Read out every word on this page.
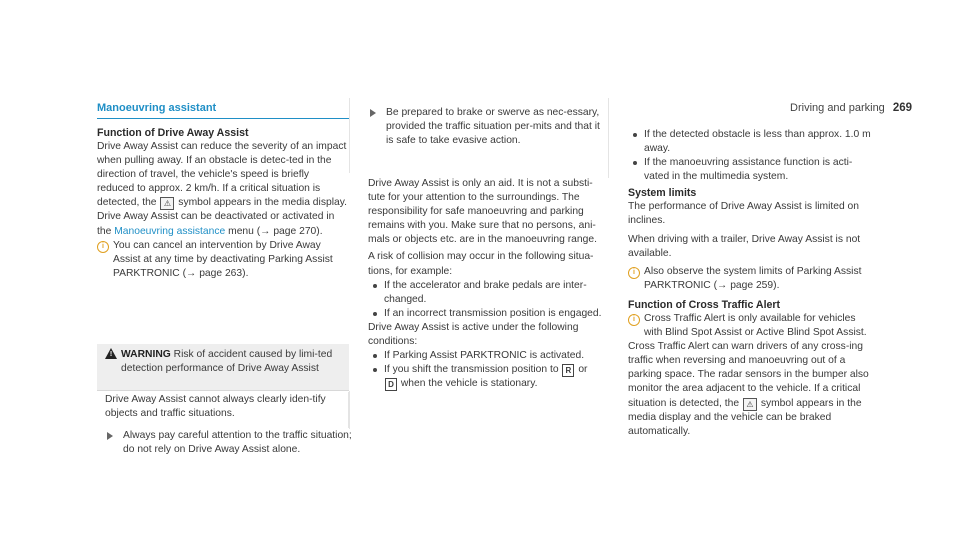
Driving and parking 269
Manoeuvring assistant
Function of Drive Away Assist

Drive Away Assist can reduce the severity of an impact when pulling away. If an obstacle is detec-ted in the direction of travel, the vehicle's speed is briefly reduced to approx. 2 km/h. If a critical situation is detected, the ⚠ symbol appears in the media display.

Drive Away Assist can be deactivated or activated in the Manoeuvring assistance menu (→ page 270).

i You can cancel an intervention by Drive Away Assist at any time by deactivating Parking Assist PARKTRONIC (→ page 263).
! WARNING Risk of accident caused by limi-ted detection performance of Drive Away Assist

Drive Away Assist cannot always clearly iden-tify objects and traffic situations.

Always pay careful attention to the traffic situation; do not rely on Drive Away Assist alone.
Be prepared to brake or swerve as nec-essary, provided the traffic situation per-mits and that it is safe to take evasive action.

Drive Away Assist is only an aid. It is not a substi-tute for your attention to the surroundings. The responsibility for safe manoeuvring and parking remains with you. Make sure that no persons, ani-mals or objects etc. are in the manoeuvring range.

A risk of collision may occur in the following situa-tions, for example:

If the accelerator and brake pedals are inter-changed.
If an incorrect transmission position is engaged.

Drive Away Assist is active under the following conditions:

If Parking Assist PARKTRONIC is activated.
If you shift the transmission position to R or
D when the vehicle is stationary.
If the detected obstacle is less than approx. 1.0 m away.
If the manoeuvring assistance function is acti-vated in the multimedia system.
System limits

The performance of Drive Away Assist is limited on inclines.

When driving with a trailer, Drive Away Assist is not available.

i Also observe the system limits of Parking Assist PARKTRONIC (→ page 259).
Function of Cross Traffic Alert
i Cross Traffic Alert is only available for vehicles with Blind Spot Assist or Active Blind Spot Assist.

Cross Traffic Alert can warn drivers of any cross-ing traffic when reversing and manoeuvring out of a parking space. The radar sensors in the bumper also monitor the area adjacent to the vehicle. If a critical situation is detected, the ⚠ symbol appears in the media display and the vehicle can be braked automatically.
